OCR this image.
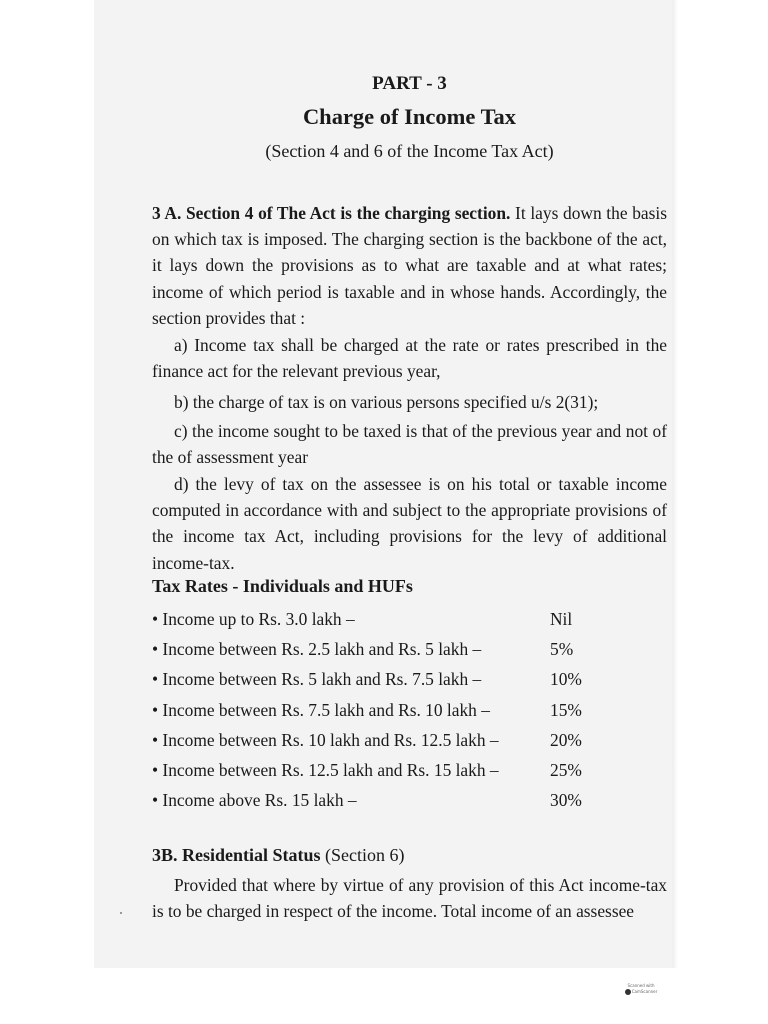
PART - 3
Charge of Income Tax
(Section 4 and 6 of the Income Tax Act)
3 A. Section 4 of The Act is the charging section. It lays down the basis on which tax is imposed. The charging section is the backbone of the act, it lays down the provisions as to what are taxable and at what rates; income of which period is taxable and in whose hands. Accordingly, the section provides that :
a) Income tax shall be charged at the rate or rates prescribed in the finance act for the relevant previous year,
b) the charge of tax is on various persons specified u/s 2(31);
c) the income sought to be taxed is that of the previous year and not of the of assessment year
d) the levy of tax on the assessee is on his total or taxable income computed in accordance with and subject to the appropriate provisions of the income tax Act, including provisions for the levy of additional income-tax.
Tax Rates - Individuals and HUFs
• Income up to Rs. 3.0 lakh –	Nil
• Income between Rs. 2.5 lakh and Rs. 5 lakh –	5%
• Income between Rs. 5 lakh and Rs. 7.5 lakh –	10%
• Income between Rs. 7.5 lakh and Rs. 10 lakh –	15%
• Income between Rs. 10 lakh and Rs. 12.5 lakh –	20%
• Income between Rs. 12.5 lakh and Rs. 15 lakh –	25%
• Income above Rs. 15 lakh –	30%
3B. Residential Status (Section 6)
Provided that where by virtue of any provision of this Act income-tax is to be charged in respect of the income. Total income of an assessee
Scanned with
CamScanner
